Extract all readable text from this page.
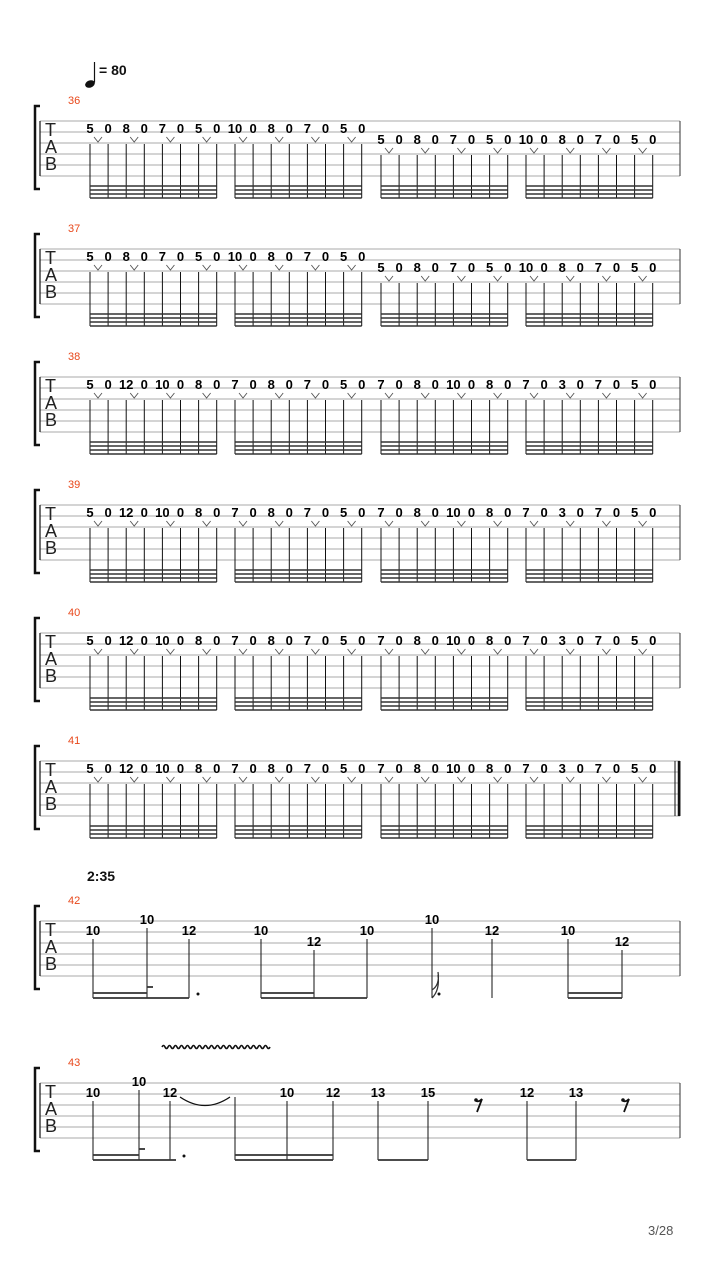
= 80
T
A
B
36
5 0 8 0 7 0 5 0 10 0 8 0 7 0 5 0
5 0 8 0 7 0 5 0 10 0 8 0 7 0 5 0
T
A
B
37
5 0 8 0 7 0 5 0 10 0 8 0 7 0 5 0
5 0 8 0 7 0 5 0 10 0 8 0 7 0 5 0
T
A
B
38
5 0 12 0 10 0 8 0 7 0 8 0 7 0 5 0 7 0 8 0 10 0 8 0 7 0 3 0 7 0 5 0
T
A
B
39
5 0 12 0 10 0 8 0 7 0 8 0 7 0 5 0 7 0 8 0 10 0 8 0 7 0 3 0 7 0 5 0
T
A
B
40
5 0 12 0 10 0 8 0 7 0 8 0 7 0 5 0 7 0 8 0 10 0 8 0 7 0 3 0 7 0 5 0
T
A
B
41
5 0 12 0 10 0 8 0 7 0 8 0 7 0 5 0 7 0 8 0 10 0 8 0 7 0 3 0 7 0 5 0
2:35
T
A
B
42
10
10
12	10
12
10
10
12	10
12
T
A
B
43
10
10
12	10 12 13	15	12	13
3/28
